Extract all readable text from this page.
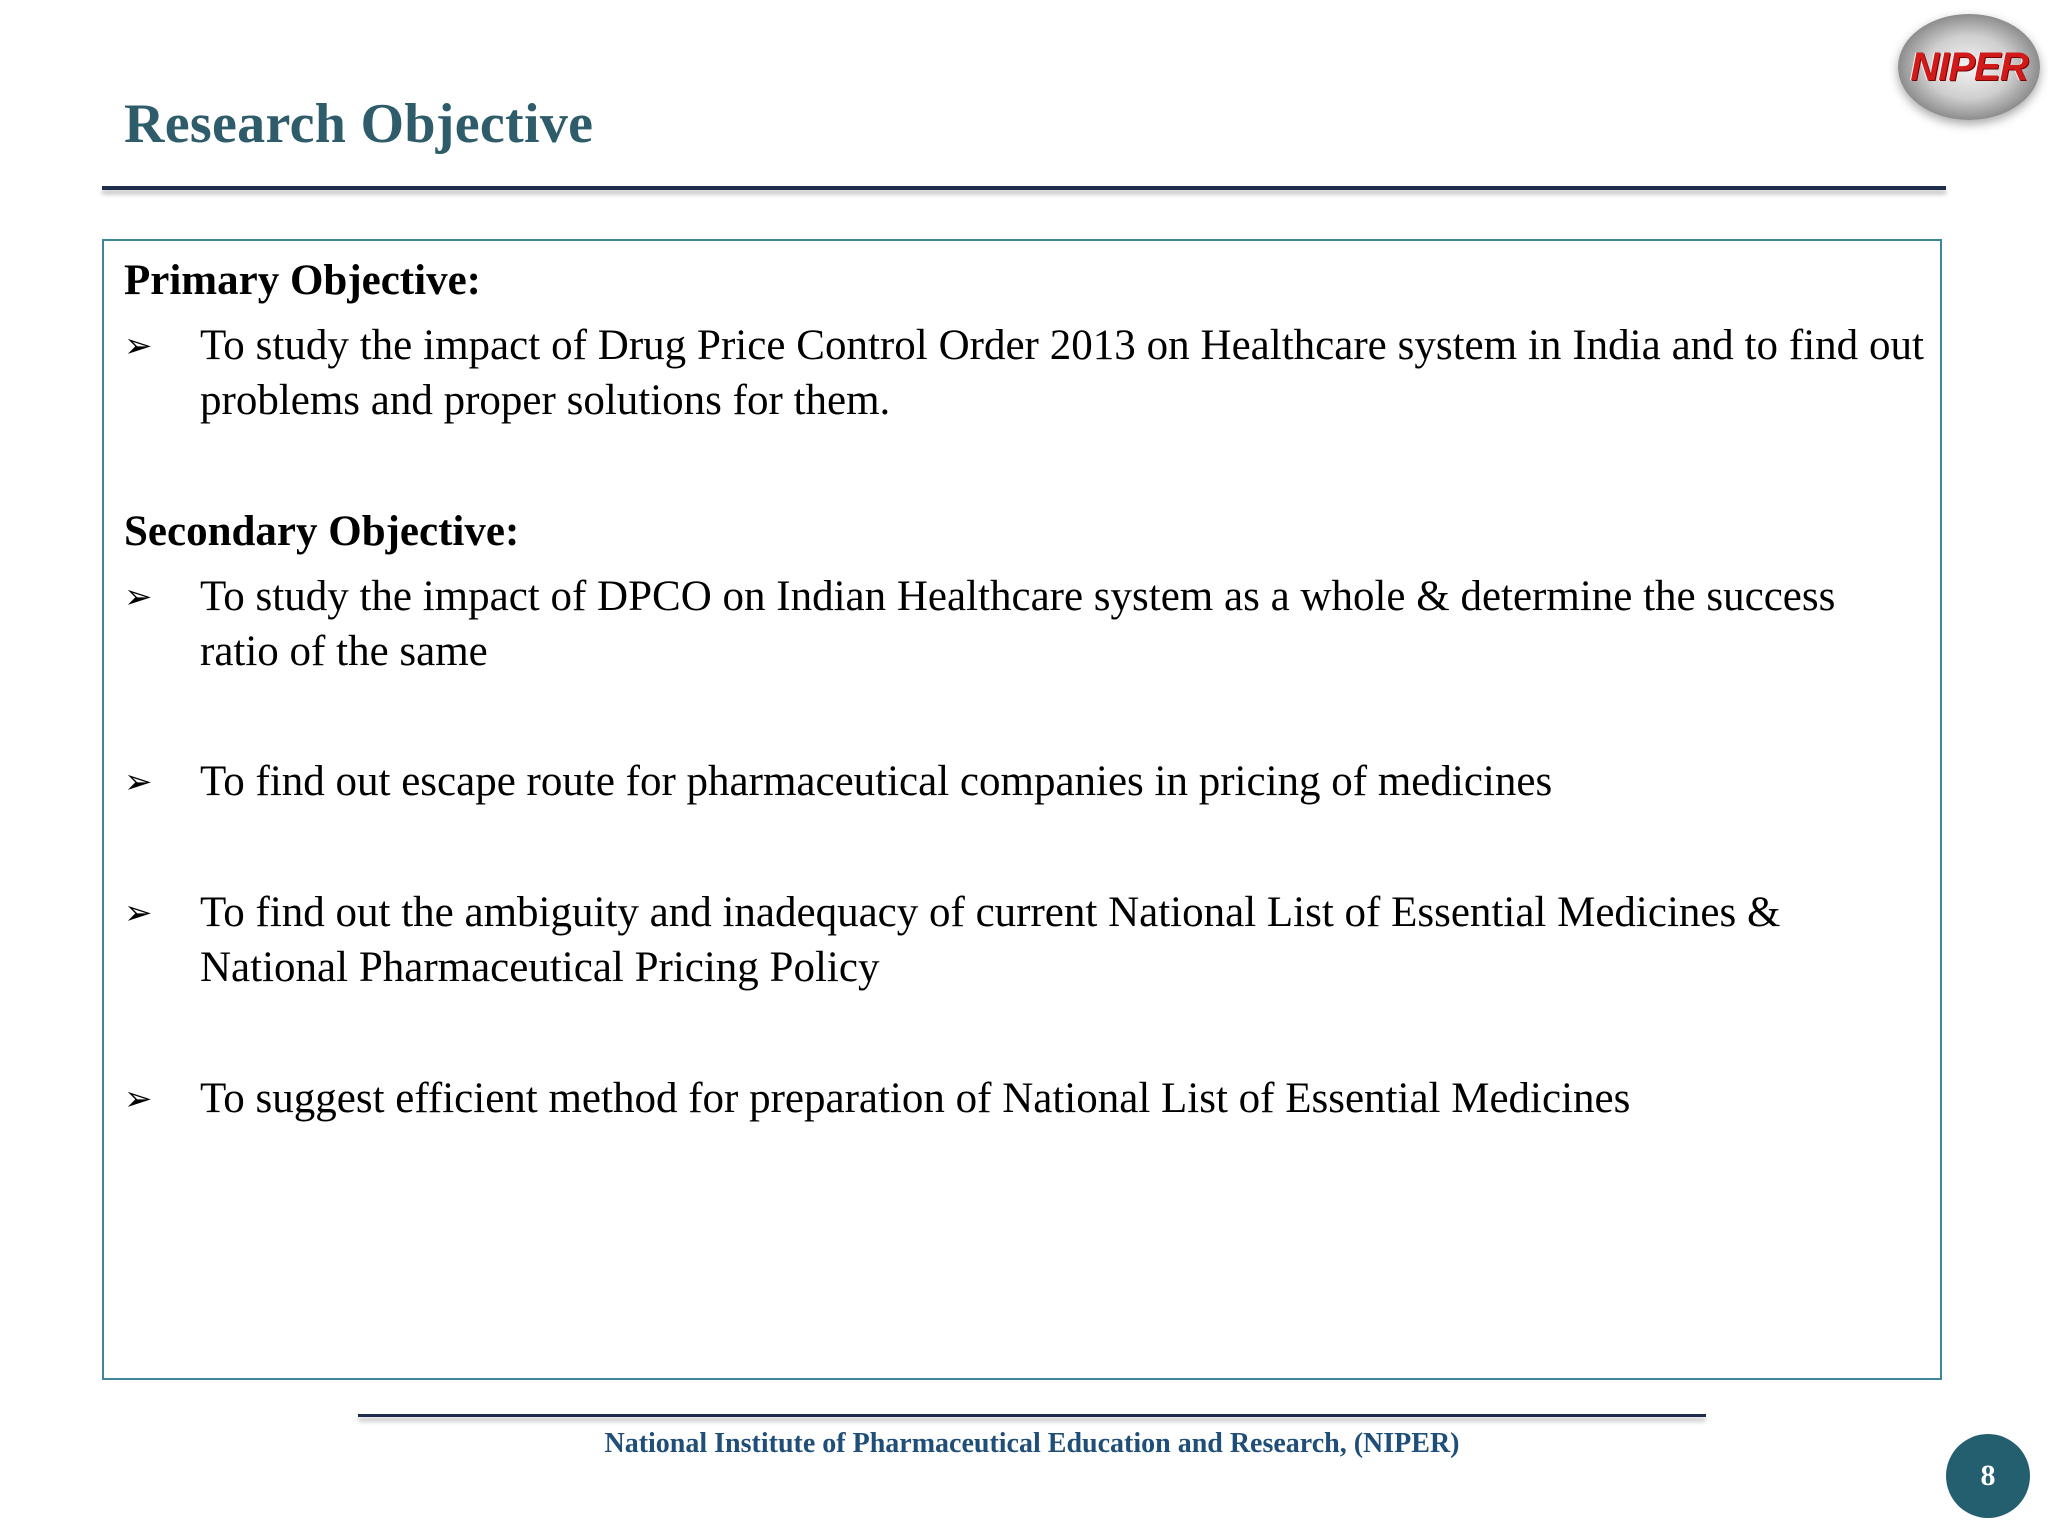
Research Objective
NIPER
Primary Objective:
➢	To study the impact of Drug Price Control Order 2013 on Healthcare system in India and to find out problems and proper solutions for them.
Secondary Objective:
➢	To study the impact of DPCO on Indian Healthcare system as a whole & determine the success ratio of the same
➢	To find out escape route for pharmaceutical companies in pricing of medicines
➢	To find out the ambiguity and inadequacy of current National List of Essential Medicines & National Pharmaceutical Pricing Policy
➢	To suggest efficient method for preparation of National List of Essential Medicines
National Institute of Pharmaceutical Education and Research, (NIPER)
8
